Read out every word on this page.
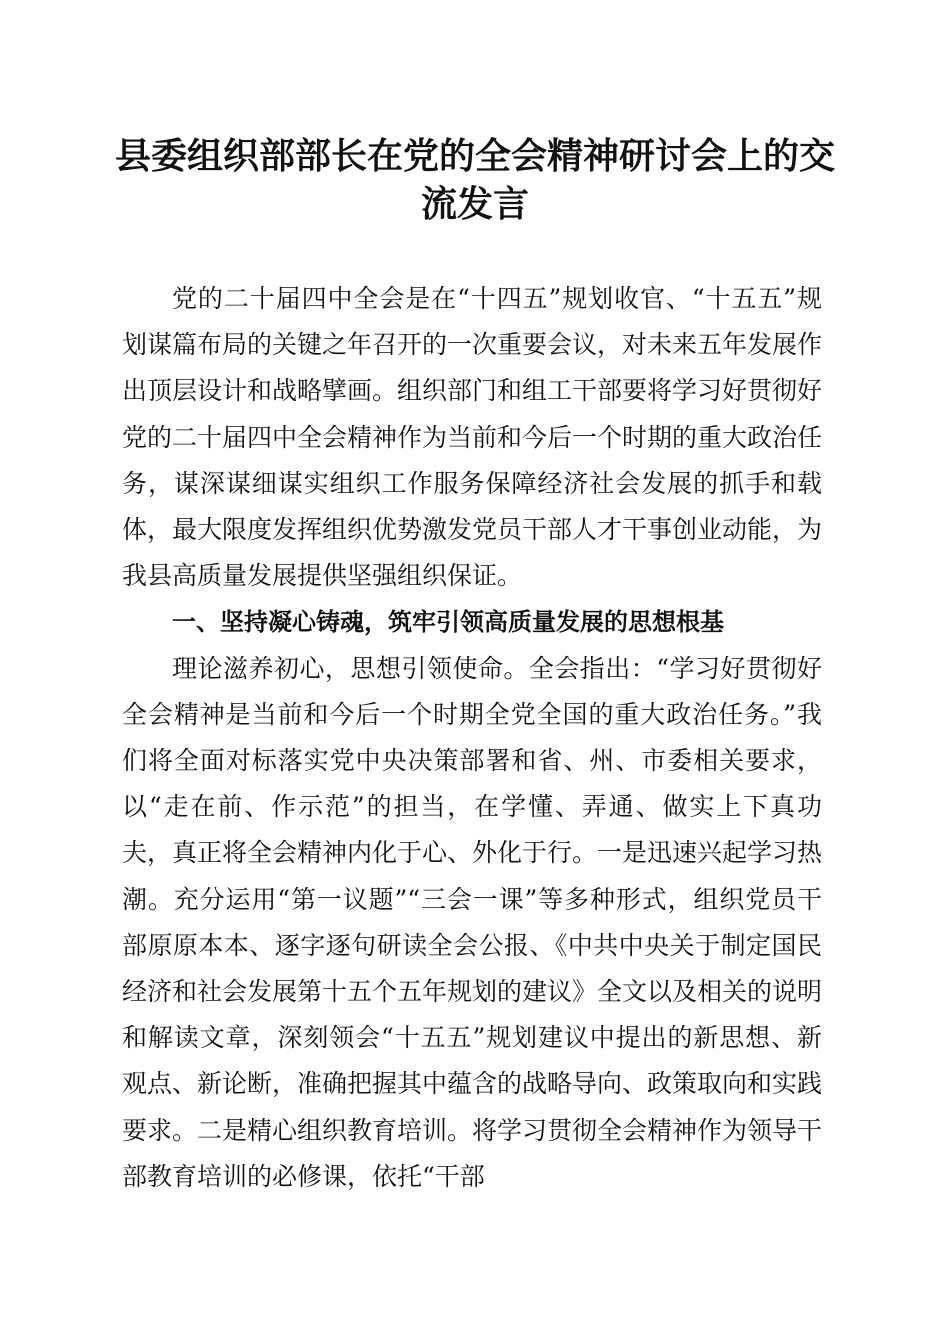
县委组织部部长在党的全会精神研讨会上的交流发言

党的二十届四中全会是在“十四五”规划收官、“十五五”规划谋篇布局的关键之年召开的一次重要会议，对未来五年发展作出顶层设计和战略擘画。组织部门和组工干部要将学习好贯彻好党的二十届四中全会精神作为当前和今后一个时期的重大政治任务，谋深谋细谋实组织工作服务保障经济社会发展的抓手和载体，最大限度发挥组织优势激发党员干部人才干事创业动能，为我县高质量发展提供坚强组织保证。

一、坚持凝心铸魂，筑牢引领高质量发展的思想根基

理论滋养初心，思想引领使命。全会指出：“学习好贯彻好全会精神是当前和今后一个时期全党全国的重大政治任务。”我们将全面对标落实党中央决策部署和省、州、市委相关要求，以“走在前、作示范”的担当，在学懂、弄通、做实上下真功夫，真正将全会精神内化于心、外化于行。一是迅速兴起学习热潮。充分运用“第一议题”“三会一课”等多种形式，组织党员干部原原本本、逐字逐句研读全会公报、《中共中央关于制定国民经济和社会发展第十五个五年规划的建议》全文以及相关的说明和解读文章，深刻领会“十五五”规划建议中提出的新思想、新观点、新论断，准确把握其中蕴含的战略导向、政策取向和实践要求。二是精心组织教育培训。将学习贯彻全会精神作为领导干部教育培训的必修课，依托“干部
